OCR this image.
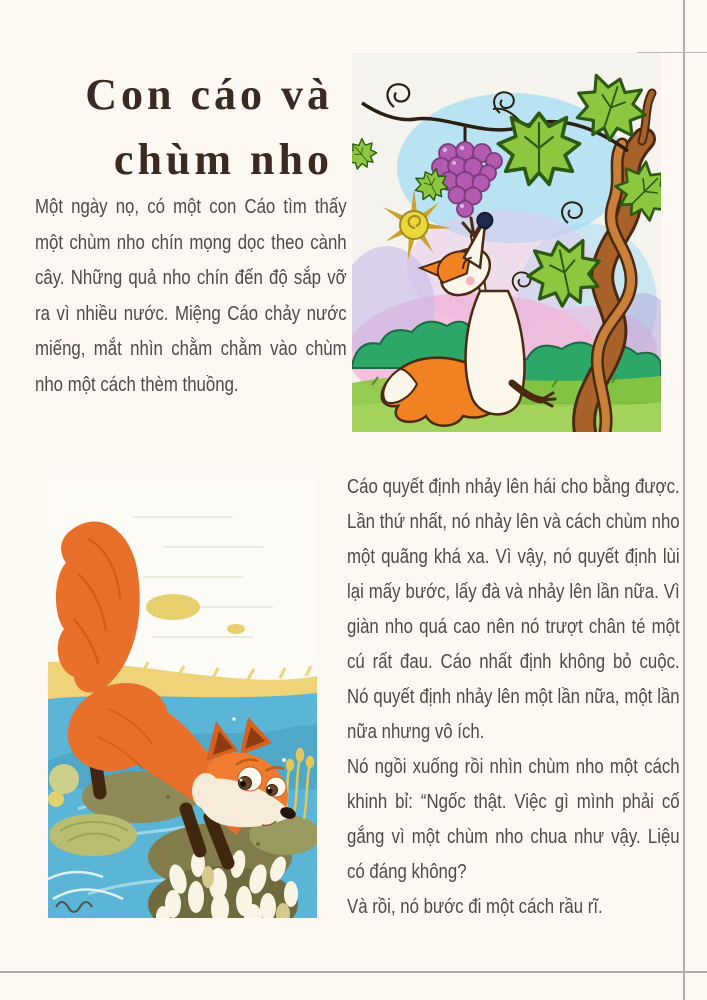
Con cáo và
chùm nho
Một ngày nọ, có một con Cáo tìm thấy một chùm nho chín mọng dọc theo cành cây. Những quả nho chín đến độ sắp vỡ ra vì nhiều nước. Miệng Cáo chảy nước miếng, mắt nhìn chằm chằm vào chùm nho một cách thèm thuồng.

Cáo quyết định nhảy lên hái cho bằng được. Lần thứ nhất, nó nhảy lên và cách chùm nho một quãng khá xa. Vì vậy, nó quyết định lùi lại mấy bước, lấy đà và nhảy lên lần nữa. Vì giàn nho quá cao nên nó trượt chân té một cú rất đau. Cáo nhất định không bỏ cuộc. Nó quyết định nhảy lên một lần nữa, một lần nữa nhưng vô ích.

Nó ngồi xuống rồi nhìn chùm nho một cách khinh bỉ: “Ngốc thật. Việc gì mình phải cố gắng vì một chùm nho chua như vậy. Liệu có đáng không?

Và rồi, nó bước đi một cách rầu rĩ.
